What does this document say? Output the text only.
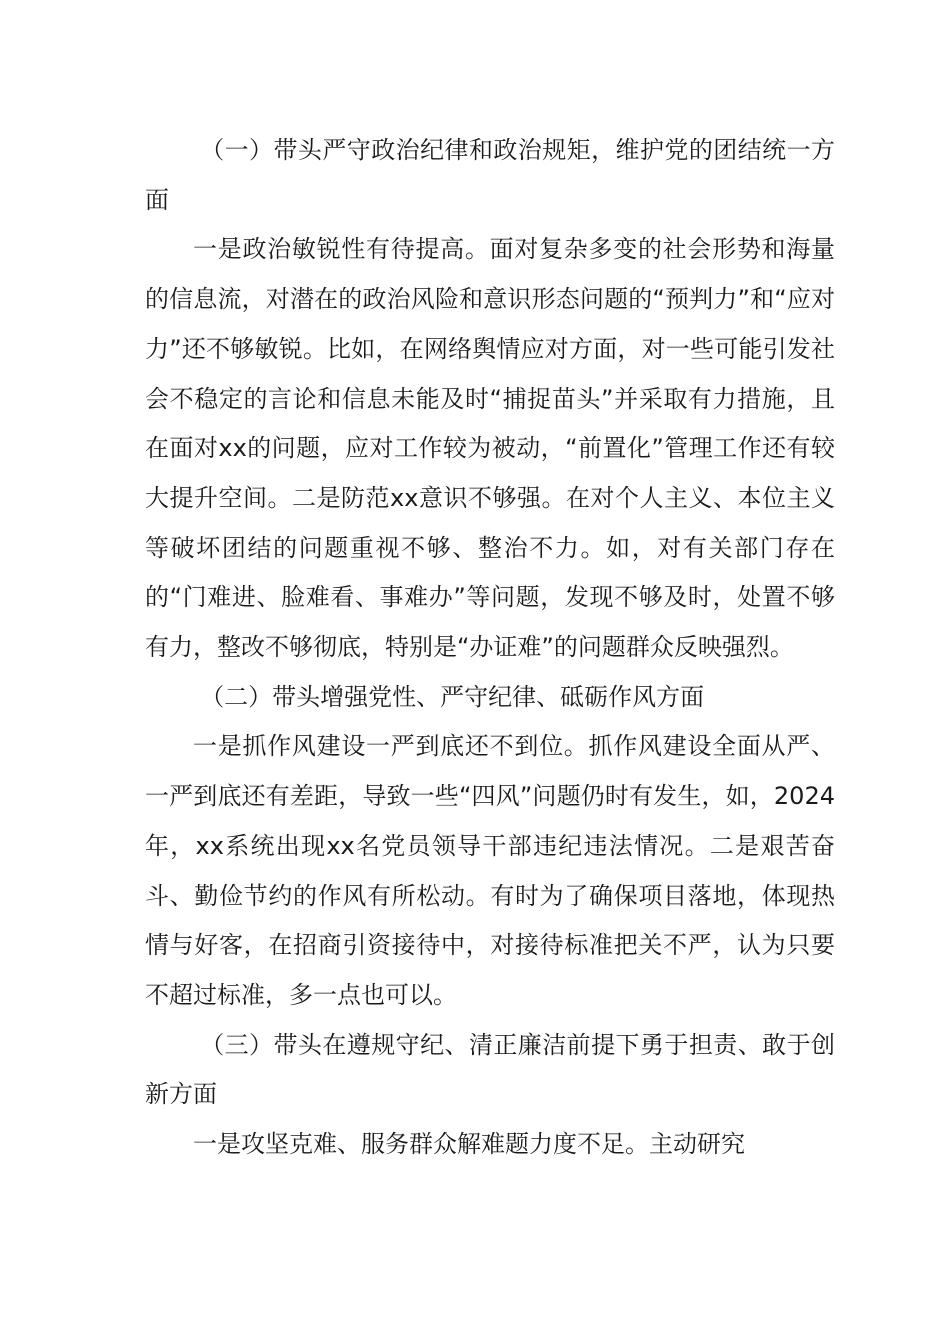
（一）带头严守政治纪律和政治规矩，维护党的团结统一方面

一是政治敏锐性有待提高。面对复杂多变的社会形势和海量的信息流，对潜在的政治风险和意识形态问题的“预判力”和“应对力”还不够敏锐。比如，在网络舆情应对方面，对一些可能引发社会不稳定的言论和信息未能及时“捕捉苗头”并采取有力措施，且在面对xx的问题，应对工作较为被动，“前置化”管理工作还有较大提升空间。二是防范xx意识不够强。在对个人主义、本位主义等破坏团结的问题重视不够、整治不力。如，对有关部门存在的“门难进、脸难看、事难办”等问题，发现不够及时，处置不够有力，整改不够彻底，特别是“办证难”的问题群众反映强烈。

（二）带头增强党性、严守纪律、砥砺作风方面

一是抓作风建设一严到底还不到位。抓作风建设全面从严、一严到底还有差距，导致一些“四风”问题仍时有发生，如，2024年，xx系统出现xx名党员领导干部违纪违法情况。二是艰苦奋斗、勤俭节约的作风有所松动。有时为了确保项目落地，体现热情与好客，在招商引资接待中，对接待标准把关不严，认为只要不超过标准，多一点也可以。

（三）带头在遵规守纪、清正廉洁前提下勇于担责、敢于创新方面

一是攻坚克难、服务群众解难题力度不足。主动研究
